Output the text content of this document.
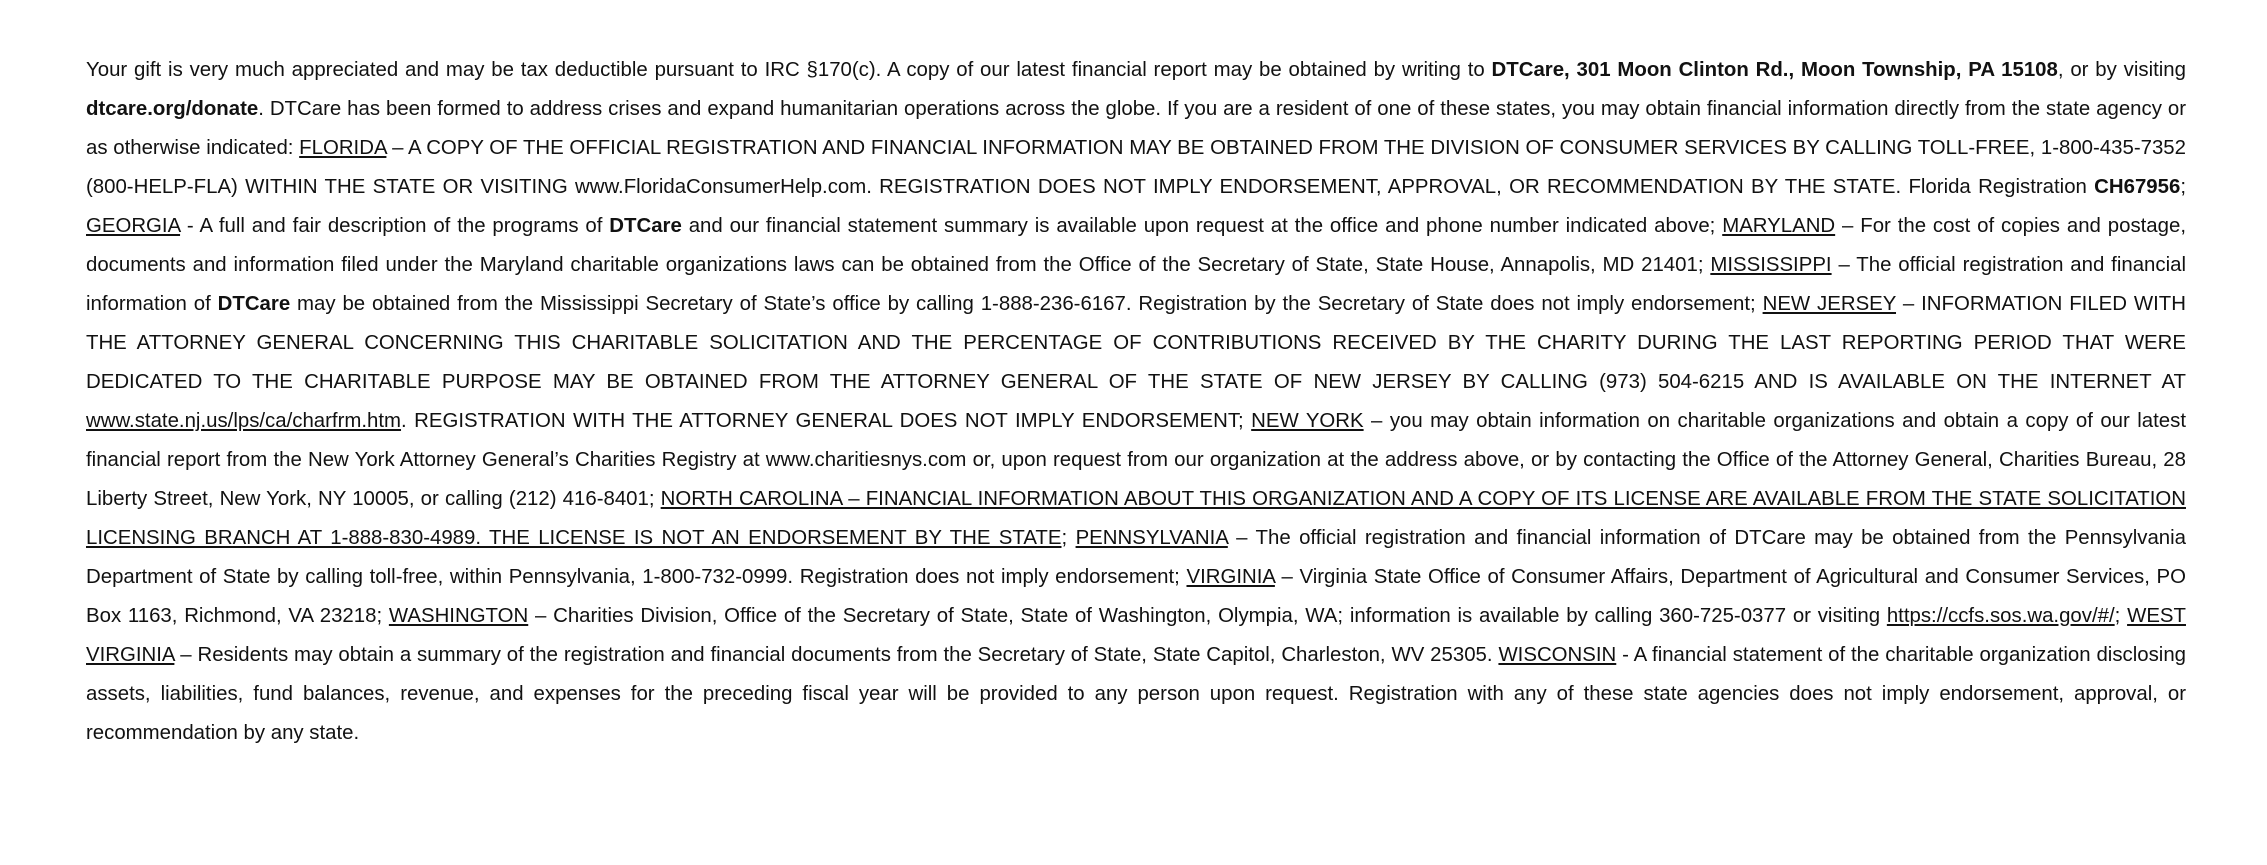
Your gift is very much appreciated and may be tax deductible pursuant to IRC §170(c). A copy of our latest financial report may be obtained by writing to DTCare, 301 Moon Clinton Rd., Moon Township, PA 15108, or by visiting dtcare.org/donate. DTCare has been formed to address crises and expand humanitarian operations across the globe. If you are a resident of one of these states, you may obtain financial information directly from the state agency or as otherwise indicated: FLORIDA – A COPY OF THE OFFICIAL REGISTRATION AND FINANCIAL INFORMATION MAY BE OBTAINED FROM THE DIVISION OF CONSUMER SERVICES BY CALLING TOLL-FREE, 1-800-435-7352 (800-HELP-FLA) WITHIN THE STATE OR VISITING www.FloridaConsumerHelp.com. REGISTRATION DOES NOT IMPLY ENDORSEMENT, APPROVAL, OR RECOMMENDATION BY THE STATE. Florida Registration CH67956; GEORGIA - A full and fair description of the programs of DTCare and our financial statement summary is available upon request at the office and phone number indicated above; MARYLAND – For the cost of copies and postage, documents and information filed under the Maryland charitable organizations laws can be obtained from the Office of the Secretary of State, State House, Annapolis, MD 21401; MISSISSIPPI – The official registration and financial information of DTCare may be obtained from the Mississippi Secretary of State’s office by calling 1-888-236-6167. Registration by the Secretary of State does not imply endorsement; NEW JERSEY – INFORMATION FILED WITH THE ATTORNEY GENERAL CONCERNING THIS CHARITABLE SOLICITATION AND THE PERCENTAGE OF CONTRIBUTIONS RECEIVED BY THE CHARITY DURING THE LAST REPORTING PERIOD THAT WERE DEDICATED TO THE CHARITABLE PURPOSE MAY BE OBTAINED FROM THE ATTORNEY GENERAL OF THE STATE OF NEW JERSEY BY CALLING (973) 504-6215 AND IS AVAILABLE ON THE INTERNET AT www.state.nj.us/lps/ca/charfrm.htm. REGISTRATION WITH THE ATTORNEY GENERAL DOES NOT IMPLY ENDORSEMENT; NEW YORK – you may obtain information on charitable organizations and obtain a copy of our latest financial report from the New York Attorney General’s Charities Registry at www.charitiesnys.com or, upon request from our organization at the address above, or by contacting the Office of the Attorney General, Charities Bureau, 28 Liberty Street, New York, NY 10005, or calling (212) 416-8401; NORTH CAROLINA – FINANCIAL INFORMATION ABOUT THIS ORGANIZATION AND A COPY OF ITS LICENSE ARE AVAILABLE FROM THE STATE SOLICITATION LICENSING BRANCH AT 1-888-830-4989. THE LICENSE IS NOT AN ENDORSEMENT BY THE STATE; PENNSYLVANIA – The official registration and financial information of DTCare may be obtained from the Pennsylvania Department of State by calling toll-free, within Pennsylvania, 1-800-732-0999. Registration does not imply endorsement; VIRGINIA – Virginia State Office of Consumer Affairs, Department of Agricultural and Consumer Services, PO Box 1163, Richmond, VA 23218; WASHINGTON – Charities Division, Office of the Secretary of State, State of Washington, Olympia, WA; information is available by calling 360-725-0377 or visiting https://ccfs.sos.wa.gov/#/; WEST VIRGINIA – Residents may obtain a summary of the registration and financial documents from the Secretary of State, State Capitol, Charleston, WV 25305. WISCONSIN - A financial statement of the charitable organization disclosing assets, liabilities, fund balances, revenue, and expenses for the preceding fiscal year will be provided to any person upon request. Registration with any of these state agencies does not imply endorsement, approval, or recommendation by any state.
